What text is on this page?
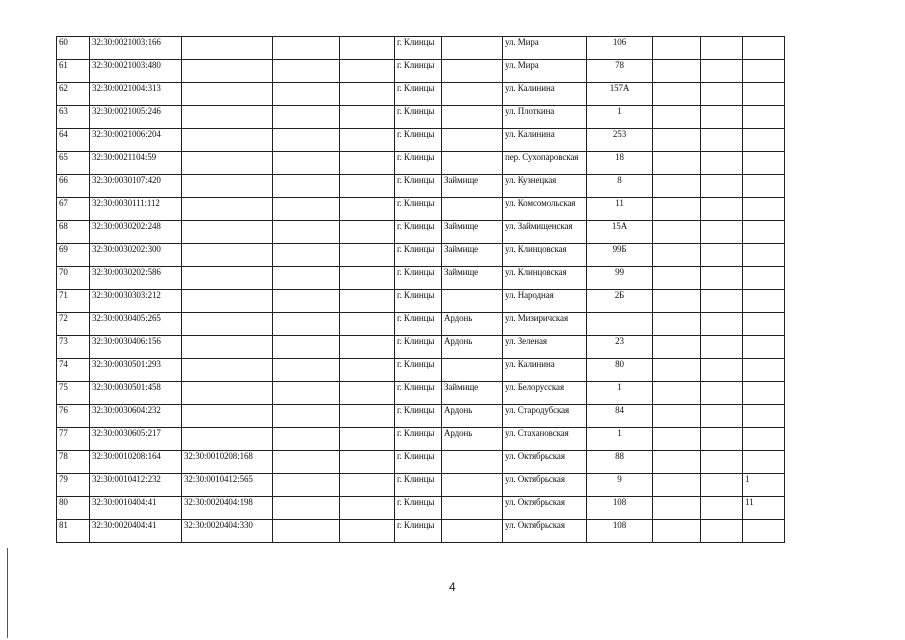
60	32:30:0021003:166				г. Клинцы		ул. Мира	106			
61	32:30:0021003:480				г. Клинцы		ул. Мира	78			
62	32:30:0021004:313				г. Клинцы		ул. Калинина	157А			
63	32:30:0021005:246				г. Клинцы		ул. Плоткина	1			
64	32:30:0021006:204				г. Клинцы		ул. Калинина	253			
65	32:30:0021104:59				г. Клинцы		пер. Сухопаровская	18			
66	32:30:0030107:420				г. Клинцы	Займище	ул. Кузнецкая	8			
67	32:30:0030111:112				г. Клинцы		ул. Комсомольская	11			
68	32:30:0030202:248				г. Клинцы	Займище	ул. Займищенская	15А			
69	32:30:0030202:300				г. Клинцы	Займище	ул. Клинцовская	99Б			
70	32:30:0030202:586				г. Клинцы	Займище	ул. Клинцовская	99			
71	32:30:0030303:212				г. Клинцы		ул. Народная	2Б			
72	32:30:0030405:265				г. Клинцы	Ардонь	ул. Мизиричская				
73	32:30:0030406:156				г. Клинцы	Ардонь	ул. Зеленая	23			
74	32:30:0030501:293				г. Клинцы		ул. Калинина	80			
75	32:30:0030501:458				г. Клинцы	Займище	ул. Белорусская	1			
76	32:30:0030604:232				г. Клинцы	Ардонь	ул. Стародубская	84			
77	32:30:0030605:217				г. Клинцы	Ардонь	ул. Стахановская	1			
78	32:30:0010208:164	32:30:0010208:168			г. Клинцы		ул. Октябрьская	88			
79	32:30:0010412:232	32:30:0010412:565			г. Клинцы		ул. Октябрьская	9			1
80	32:30:0010404:41	32:30:0020404:198			г. Клинцы		ул. Октябрьская	108			11
81	32:30:0020404:41	32:30:0020404:330			г. Клинцы		ул. Октябрьская	108			
4
